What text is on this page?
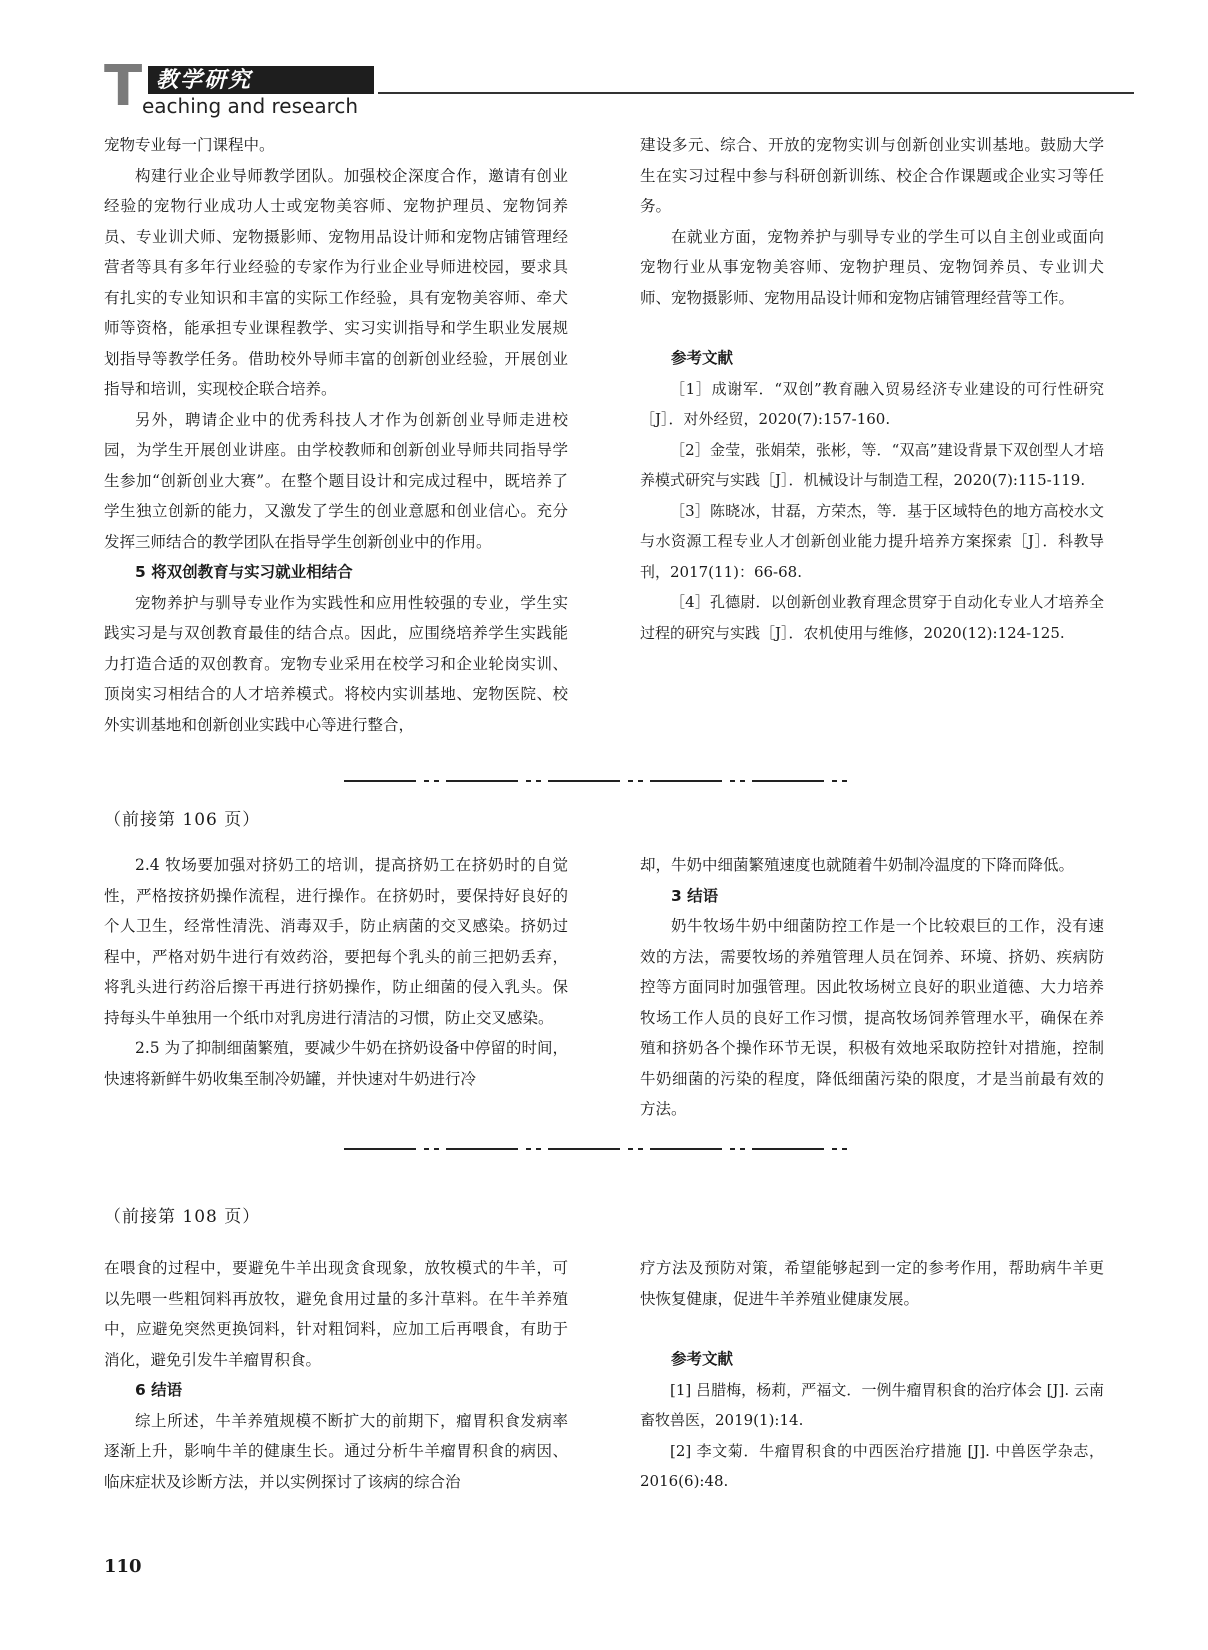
T 教学研究
eaching and research

宠物专业每一门课程中。

构建行业企业导师教学团队。加强校企深度合作，邀请有创业经验的宠物行业成功人士或宠物美容师、宠物护理员、宠物饲养员、专业训犬师、宠物摄影师、宠物用品设计师和宠物店铺管理经营者等具有多年行业经验的专家作为行业企业导师进校园，要求具有扎实的专业知识和丰富的实际工作经验，具有宠物美容师、牵犬师等资格，能承担专业课程教学、实习实训指导和学生职业发展规划指导等教学任务。借助校外导师丰富的创新创业经验，开展创业指导和培训，实现校企联合培养。

另外，聘请企业中的优秀科技人才作为创新创业导师走进校园，为学生开展创业讲座。由学校教师和创新创业导师共同指导学生参加“创新创业大赛”。在整个题目设计和完成过程中，既培养了学生独立创新的能力，又激发了学生的创业意愿和创业信心。充分发挥三师结合的教学团队在指导学生创新创业中的作用。

5 将双创教育与实习就业相结合

宠物养护与驯导专业作为实践性和应用性较强的专业，学生实践实习是与双创教育最佳的结合点。因此，应围绕培养学生实践能力打造合适的双创教育。宠物专业采用在校学习和企业轮岗实训、顶岗实习相结合的人才培养模式。将校内实训基地、宠物医院、校外实训基地和创新创业实践中心等进行整合，

建设多元、综合、开放的宠物实训与创新创业实训基地。鼓励大学生在实习过程中参与科研创新训练、校企合作课题或企业实习等任务。

在就业方面，宠物养护与驯导专业的学生可以自主创业或面向宠物行业从事宠物美容师、宠物护理员、宠物饲养员、专业训犬师、宠物摄影师、宠物用品设计师和宠物店铺管理经营等工作。

参考文献

［1］成谢军．“双创”教育融入贸易经济专业建设的可行性研究［J］．对外经贸，2020(7):157-160.

［2］金莹，张娟荣，张彬，等．“双高”建设背景下双创型人才培养模式研究与实践［J］．机械设计与制造工程，2020(7):115-119.

［3］陈晓冰，甘磊，方荣杰，等．基于区域特色的地方高校水文与水资源工程专业人才创新创业能力提升培养方案探索［J］．科教导刊，2017(11)：66-68.

［4］孔德尉．以创新创业教育理念贯穿于自动化专业人才培养全过程的研究与实践［J］．农机使用与维修，2020(12):124-125.

（前接第 106 页）

2.4 牧场要加强对挤奶工的培训，提高挤奶工在挤奶时的自觉性，严格按挤奶操作流程，进行操作。在挤奶时，要保持好良好的个人卫生，经常性清洗、消毒双手，防止病菌的交叉感染。挤奶过程中，严格对奶牛进行有效药浴，要把每个乳头的前三把奶丢弃，将乳头进行药浴后擦干再进行挤奶操作，防止细菌的侵入乳头。保持每头牛单独用一个纸巾对乳房进行清洁的习惯，防止交叉感染。

2.5 为了抑制细菌繁殖，要减少牛奶在挤奶设备中停留的时间，快速将新鲜牛奶收集至制冷奶罐，并快速对牛奶进行冷

却，牛奶中细菌繁殖速度也就随着牛奶制冷温度的下降而降低。

3 结语

奶牛牧场牛奶中细菌防控工作是一个比较艰巨的工作，没有速效的方法，需要牧场的养殖管理人员在饲养、环境、挤奶、疾病防控等方面同时加强管理。因此牧场树立良好的职业道德、大力培养牧场工作人员的良好工作习惯，提高牧场饲养管理水平，确保在养殖和挤奶各个操作环节无误，积极有效地采取防控针对措施，控制牛奶细菌的污染的程度，降低细菌污染的限度，才是当前最有效的方法。

（前接第 108 页）

在喂食的过程中，要避免牛羊出现贪食现象，放牧模式的牛羊，可以先喂一些粗饲料再放牧，避免食用过量的多汁草料。在牛羊养殖中，应避免突然更换饲料，针对粗饲料，应加工后再喂食，有助于消化，避免引发牛羊瘤胃积食。

6 结语

综上所述，牛羊养殖规模不断扩大的前期下，瘤胃积食发病率逐渐上升，影响牛羊的健康生长。通过分析牛羊瘤胃积食的病因、临床症状及诊断方法，并以实例探讨了该病的综合治

疗方法及预防对策，希望能够起到一定的参考作用，帮助病牛羊更快恢复健康，促进牛羊养殖业健康发展。

参考文献

[1] 吕腊梅，杨莉，严福文．一例牛瘤胃积食的治疗体会 [J]. 云南畜牧兽医，2019(1):14.

[2] 李文菊．牛瘤胃积食的中西医治疗措施 [J]. 中兽医学杂志，2016(6):48.

110
